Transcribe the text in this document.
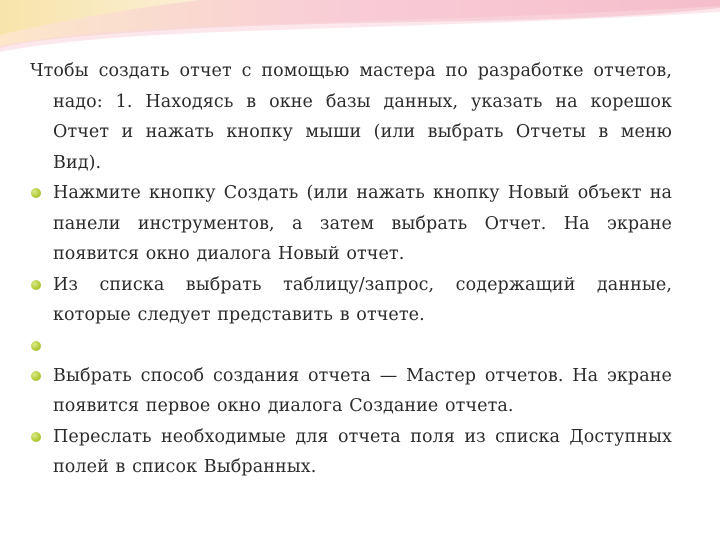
Чтобы создать отчет с помощью мастера по разработке отчетов, надо: 1. Находясь в окне базы данных, указать на корешок Отчет и нажать кнопку мыши (или выбрать Отчеты в меню Вид).
Нажмите кнопку Создать (или нажать кнопку Новый объект на панели инструментов, а затем выбрать Отчет. На экране появится окно диалога Новый отчет.
Из списка выбрать таблицу/запрос, содержащий данные, которые следует представить в отчете.
Выбрать способ создания отчета — Мастер отчетов. На экране появится первое окно диалога Создание отчета.
Переслать необходимые для отчета поля из списка Доступных полей в список Выбранных.
